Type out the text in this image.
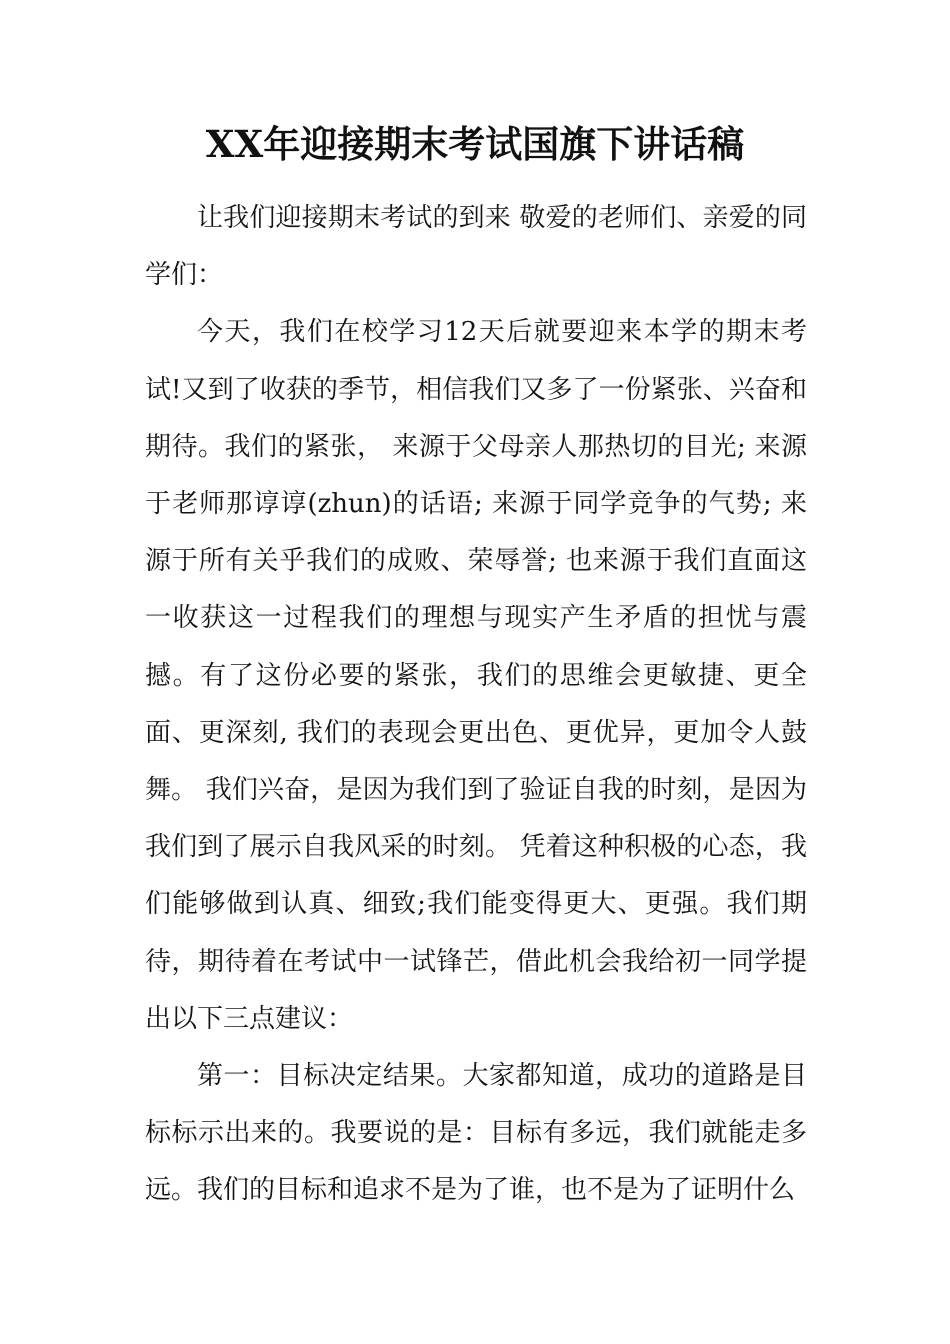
XX年迎接期末考试国旗下讲话稿

让我们迎接期末考试的到来 敬爱的老师们、亲爱的同学们：

今天，我们在校学习12天后就要迎来本学的期末考试!又到了收获的季节，相信我们又多了一份紧张、兴奋和期待。我们的紧张， 来源于父母亲人那热切的目光; 来源于老师那谆谆(zhun)的话语; 来源于同学竞争的气势; 来源于所有关乎我们的成败、荣辱誉; 也来源于我们直面这一收获这一过程我们的理想与现实产生矛盾的担忧与震撼。有了这份必要的紧张，我们的思维会更敏捷、更全面、更深刻, 我们的表现会更出色、更优异，更加令人鼓舞。 我们兴奋，是因为我们到了验证自我的时刻，是因为我们到了展示自我风采的时刻。 凭着这种积极的心态，我们能够做到认真、细致;我们能变得更大、更强。我们期待，期待着在考试中一试锋芒，借此机会我给初一同学提出以下三点建议：

第一：目标决定结果。大家都知道，成功的道路是目标标示出来的。我要说的是：目标有多远，我们就能走多远。我们的目标和追求不是为了谁，也不是为了证明什么
